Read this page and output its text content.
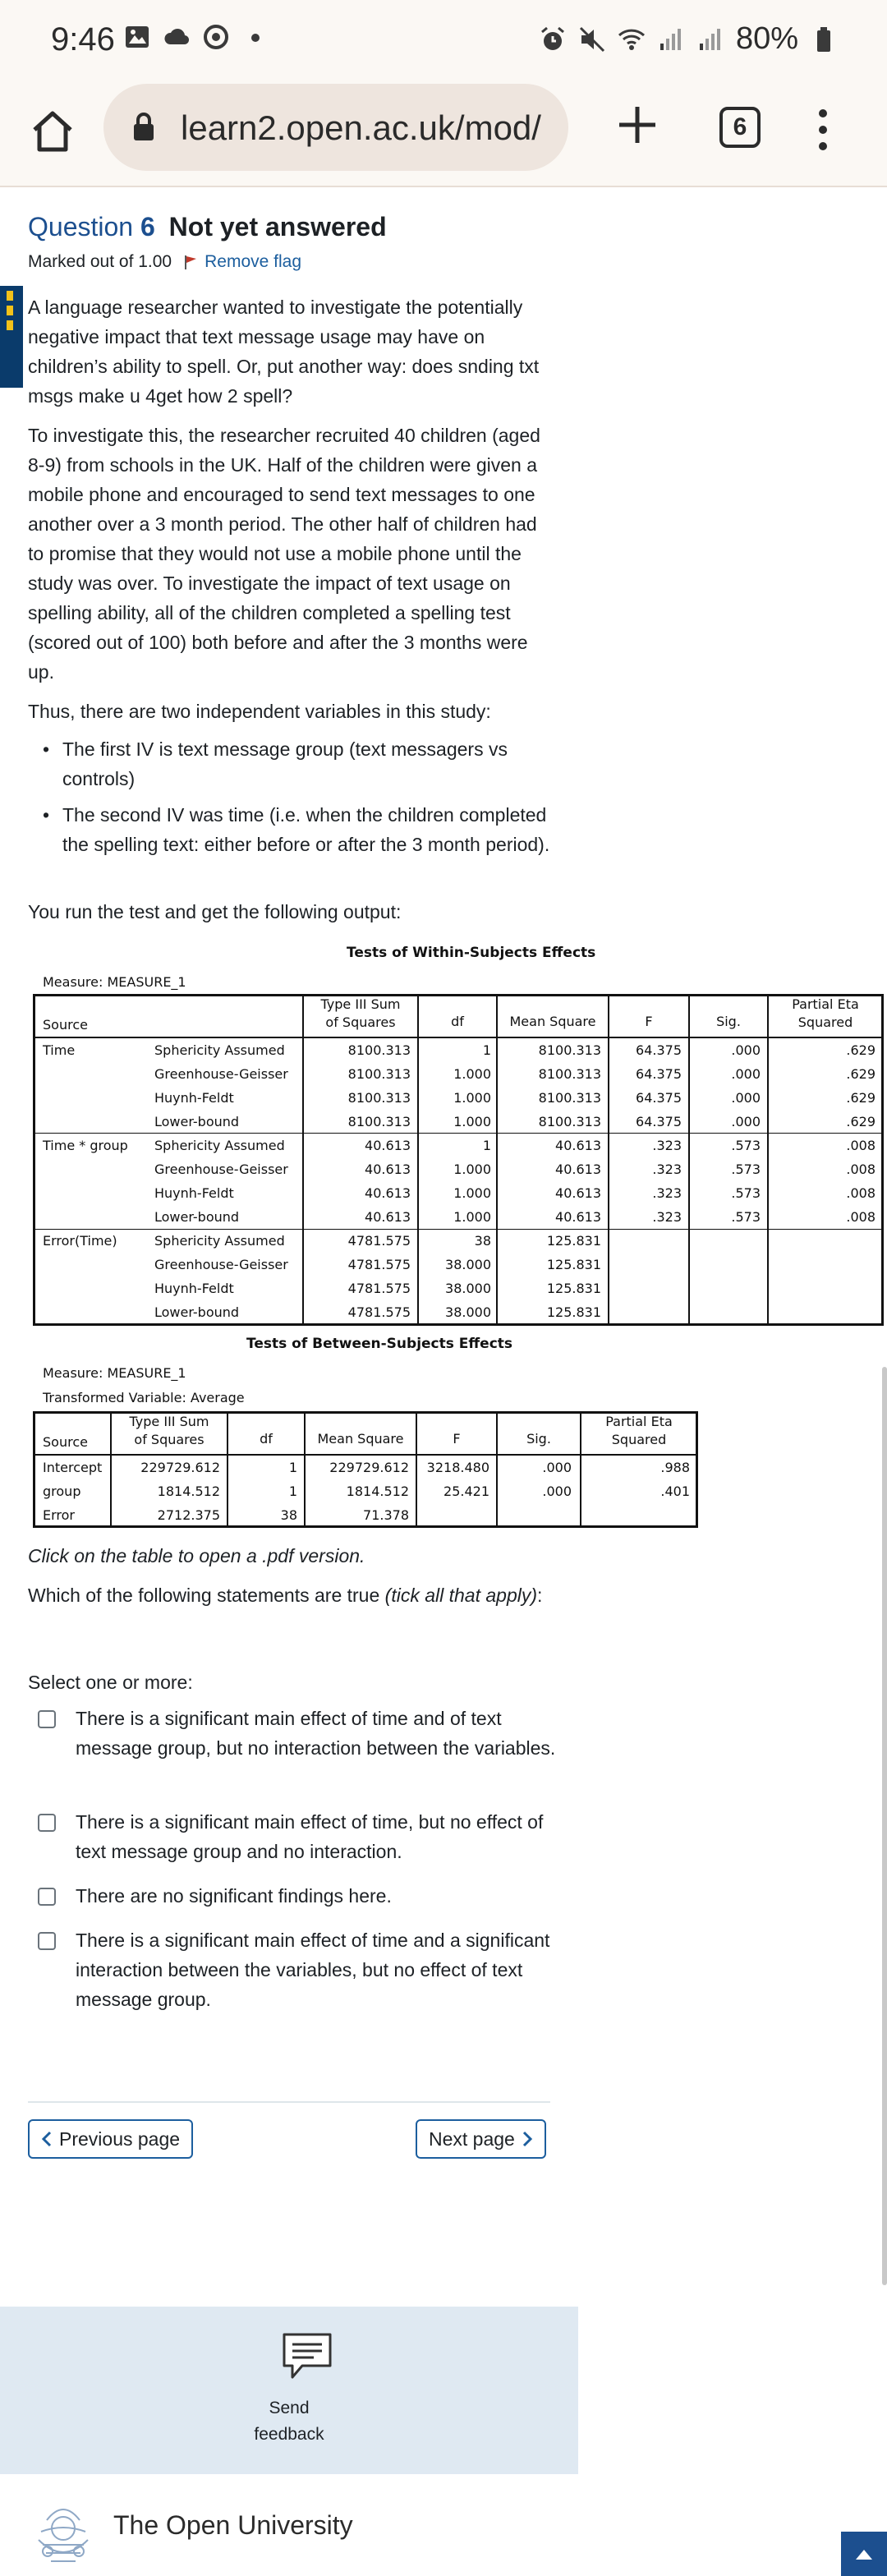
9:46	80%
learn2.open.ac.uk/mod/	6
Question 6 Not yet answered
Marked out of 1.00 Remove flag
A language researcher wanted to investigate the potentially negative impact that text message usage may have on children’s ability to spell. Or, put another way: does snding txt msgs make u 4get how 2 spell?
To investigate this, the researcher recruited 40 children (aged 8-9) from schools in the UK. Half of the children were given a mobile phone and encouraged to send text messages to one another over a 3 month period. The other half of children had to promise that they would not use a mobile phone until the study was over. To investigate the impact of text usage on spelling ability, all of the children completed a spelling test (scored out of 100) both before and after the 3 months were up.
Thus, there are two independent variables in this study:
• The first IV is text message group (text messagers vs controls)
• The second IV was time (i.e. when the children completed the spelling text: either before or after the 3 month period).
You run the test and get the following output:
Tests of Within-Subjects Effects
Measure: MEASURE_1
Source
Type III Sum
of Squares	df	Mean Square	F	Sig.
Partial Eta
Squared
Time	Sphericity Assumed	8100.313	1	8100.313	64.375	.000	.629
	Greenhouse-Geisser	8100.313	1.000	8100.313	64.375	.000	.629
	Huynh-Feldt	8100.313	1.000	8100.313	64.375	.000	.629
	Lower-bound	8100.313	1.000	8100.313	64.375	.000	.629
Time * group	Sphericity Assumed	40.613	1	40.613	.323	.573	.008
	Greenhouse-Geisser	40.613	1.000	40.613	.323	.573	.008
	Huynh-Feldt	40.613	1.000	40.613	.323	.573	.008
	Lower-bound	40.613	1.000	40.613	.323	.573	.008
Error(Time)	Sphericity Assumed	4781.575	38	125.831			
	Greenhouse-Geisser	4781.575	38.000	125.831			
	Huynh-Feldt	4781.575	38.000	125.831			
	Lower-bound	4781.575	38.000	125.831			
Tests of Between-Subjects Effects
Measure: MEASURE_1
Transformed Variable: Average
Source
Type III Sum
of Squares	df	Mean Square	F	Sig.
Partial Eta
Squared
Intercept	229729.612	1	229729.612	3218.480	.000	.988
group	1814.512	1	1814.512	25.421	.000	.401
Error	2712.375	38	71.378			
Click on the table to open a .pdf version.
Which of the following statements are true (tick all that apply):
Select one or more:
There is a significant main effect of time and of text message group, but no interaction between the variables.
There is a significant main effect of time, but no effect of text message group and no interaction.
There are no significant findings here.
There is a significant main effect of time and a significant interaction between the variables, but no effect of text message group.
Previous page	Next page
Send
feedback
The Open University
